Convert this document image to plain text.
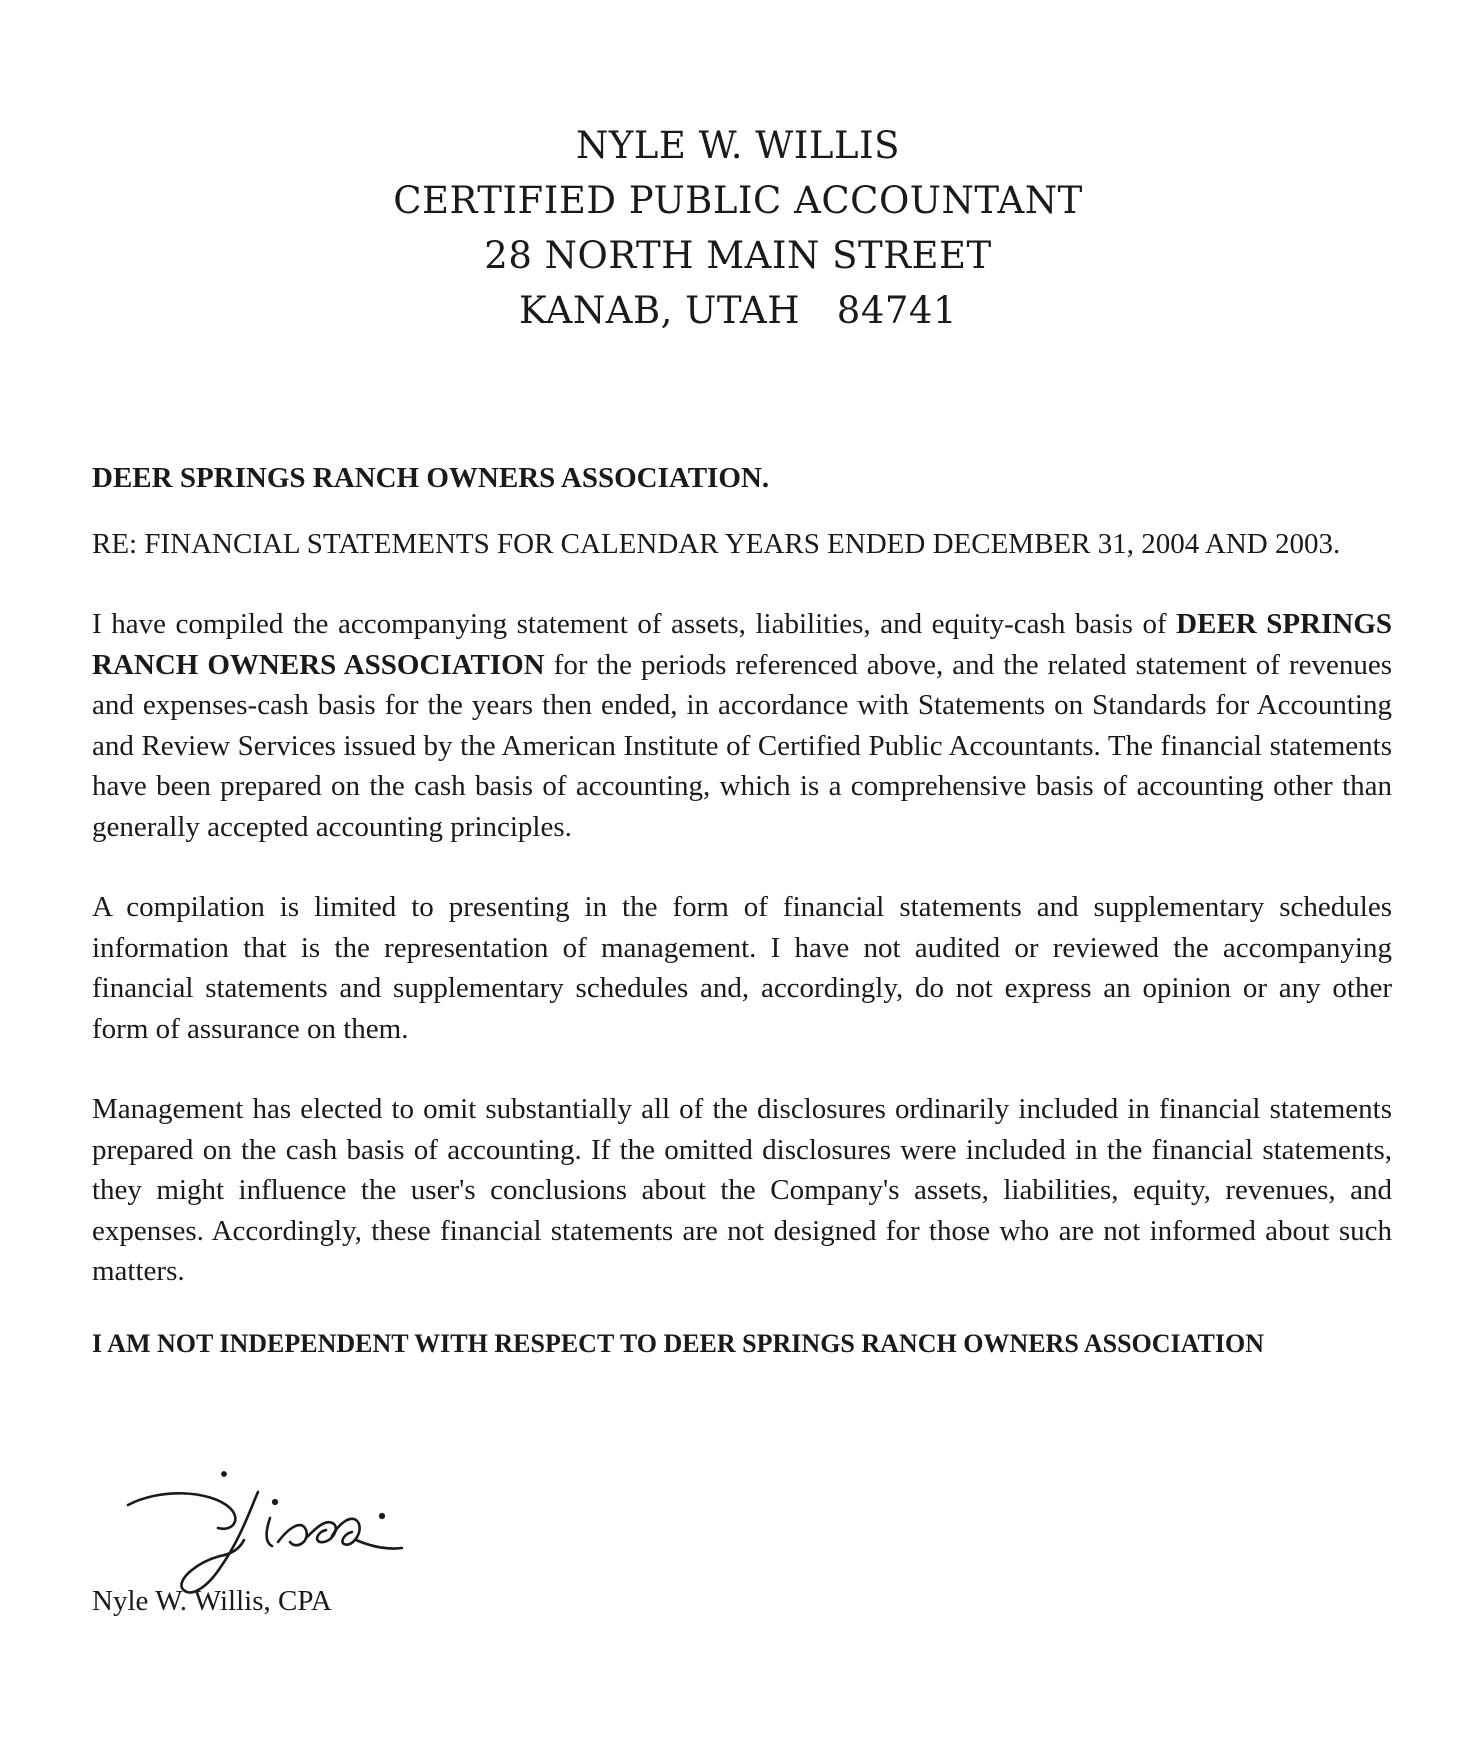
NYLE W. WILLIS
CERTIFIED PUBLIC ACCOUNTANT
28 NORTH MAIN STREET
KANAB, UTAH   84741
DEER SPRINGS RANCH OWNERS ASSOCIATION.
RE: FINANCIAL STATEMENTS FOR CALENDAR YEARS ENDED DECEMBER 31, 2004 AND 2003.

I have compiled the accompanying statement of assets, liabilities, and equity-cash basis of DEER SPRINGS RANCH OWNERS ASSOCIATION for the periods referenced above, and the related statement of revenues and expenses-cash basis for the years then ended, in accordance with Statements on Standards for Accounting and Review Services issued by the American Institute of Certified Public Accountants. The financial statements have been prepared on the cash basis of accounting, which is a comprehensive basis of accounting other than generally accepted accounting principles.

A compilation is limited to presenting in the form of financial statements and supplementary schedules information that is the representation of management. I have not audited or reviewed the accompanying financial statements and supplementary schedules and, accordingly, do not express an opinion or any other form of assurance on them.

Management has elected to omit substantially all of the disclosures ordinarily included in financial statements prepared on the cash basis of accounting. If the omitted disclosures were included in the financial statements, they might influence the user's conclusions about the Company's assets, liabilities, equity, revenues, and expenses. Accordingly, these financial statements are not designed for those who are not informed about such matters.

I AM NOT INDEPENDENT WITH RESPECT TO DEER SPRINGS RANCH OWNERS ASSOCIATION
Nyle W. Willis, CPA
